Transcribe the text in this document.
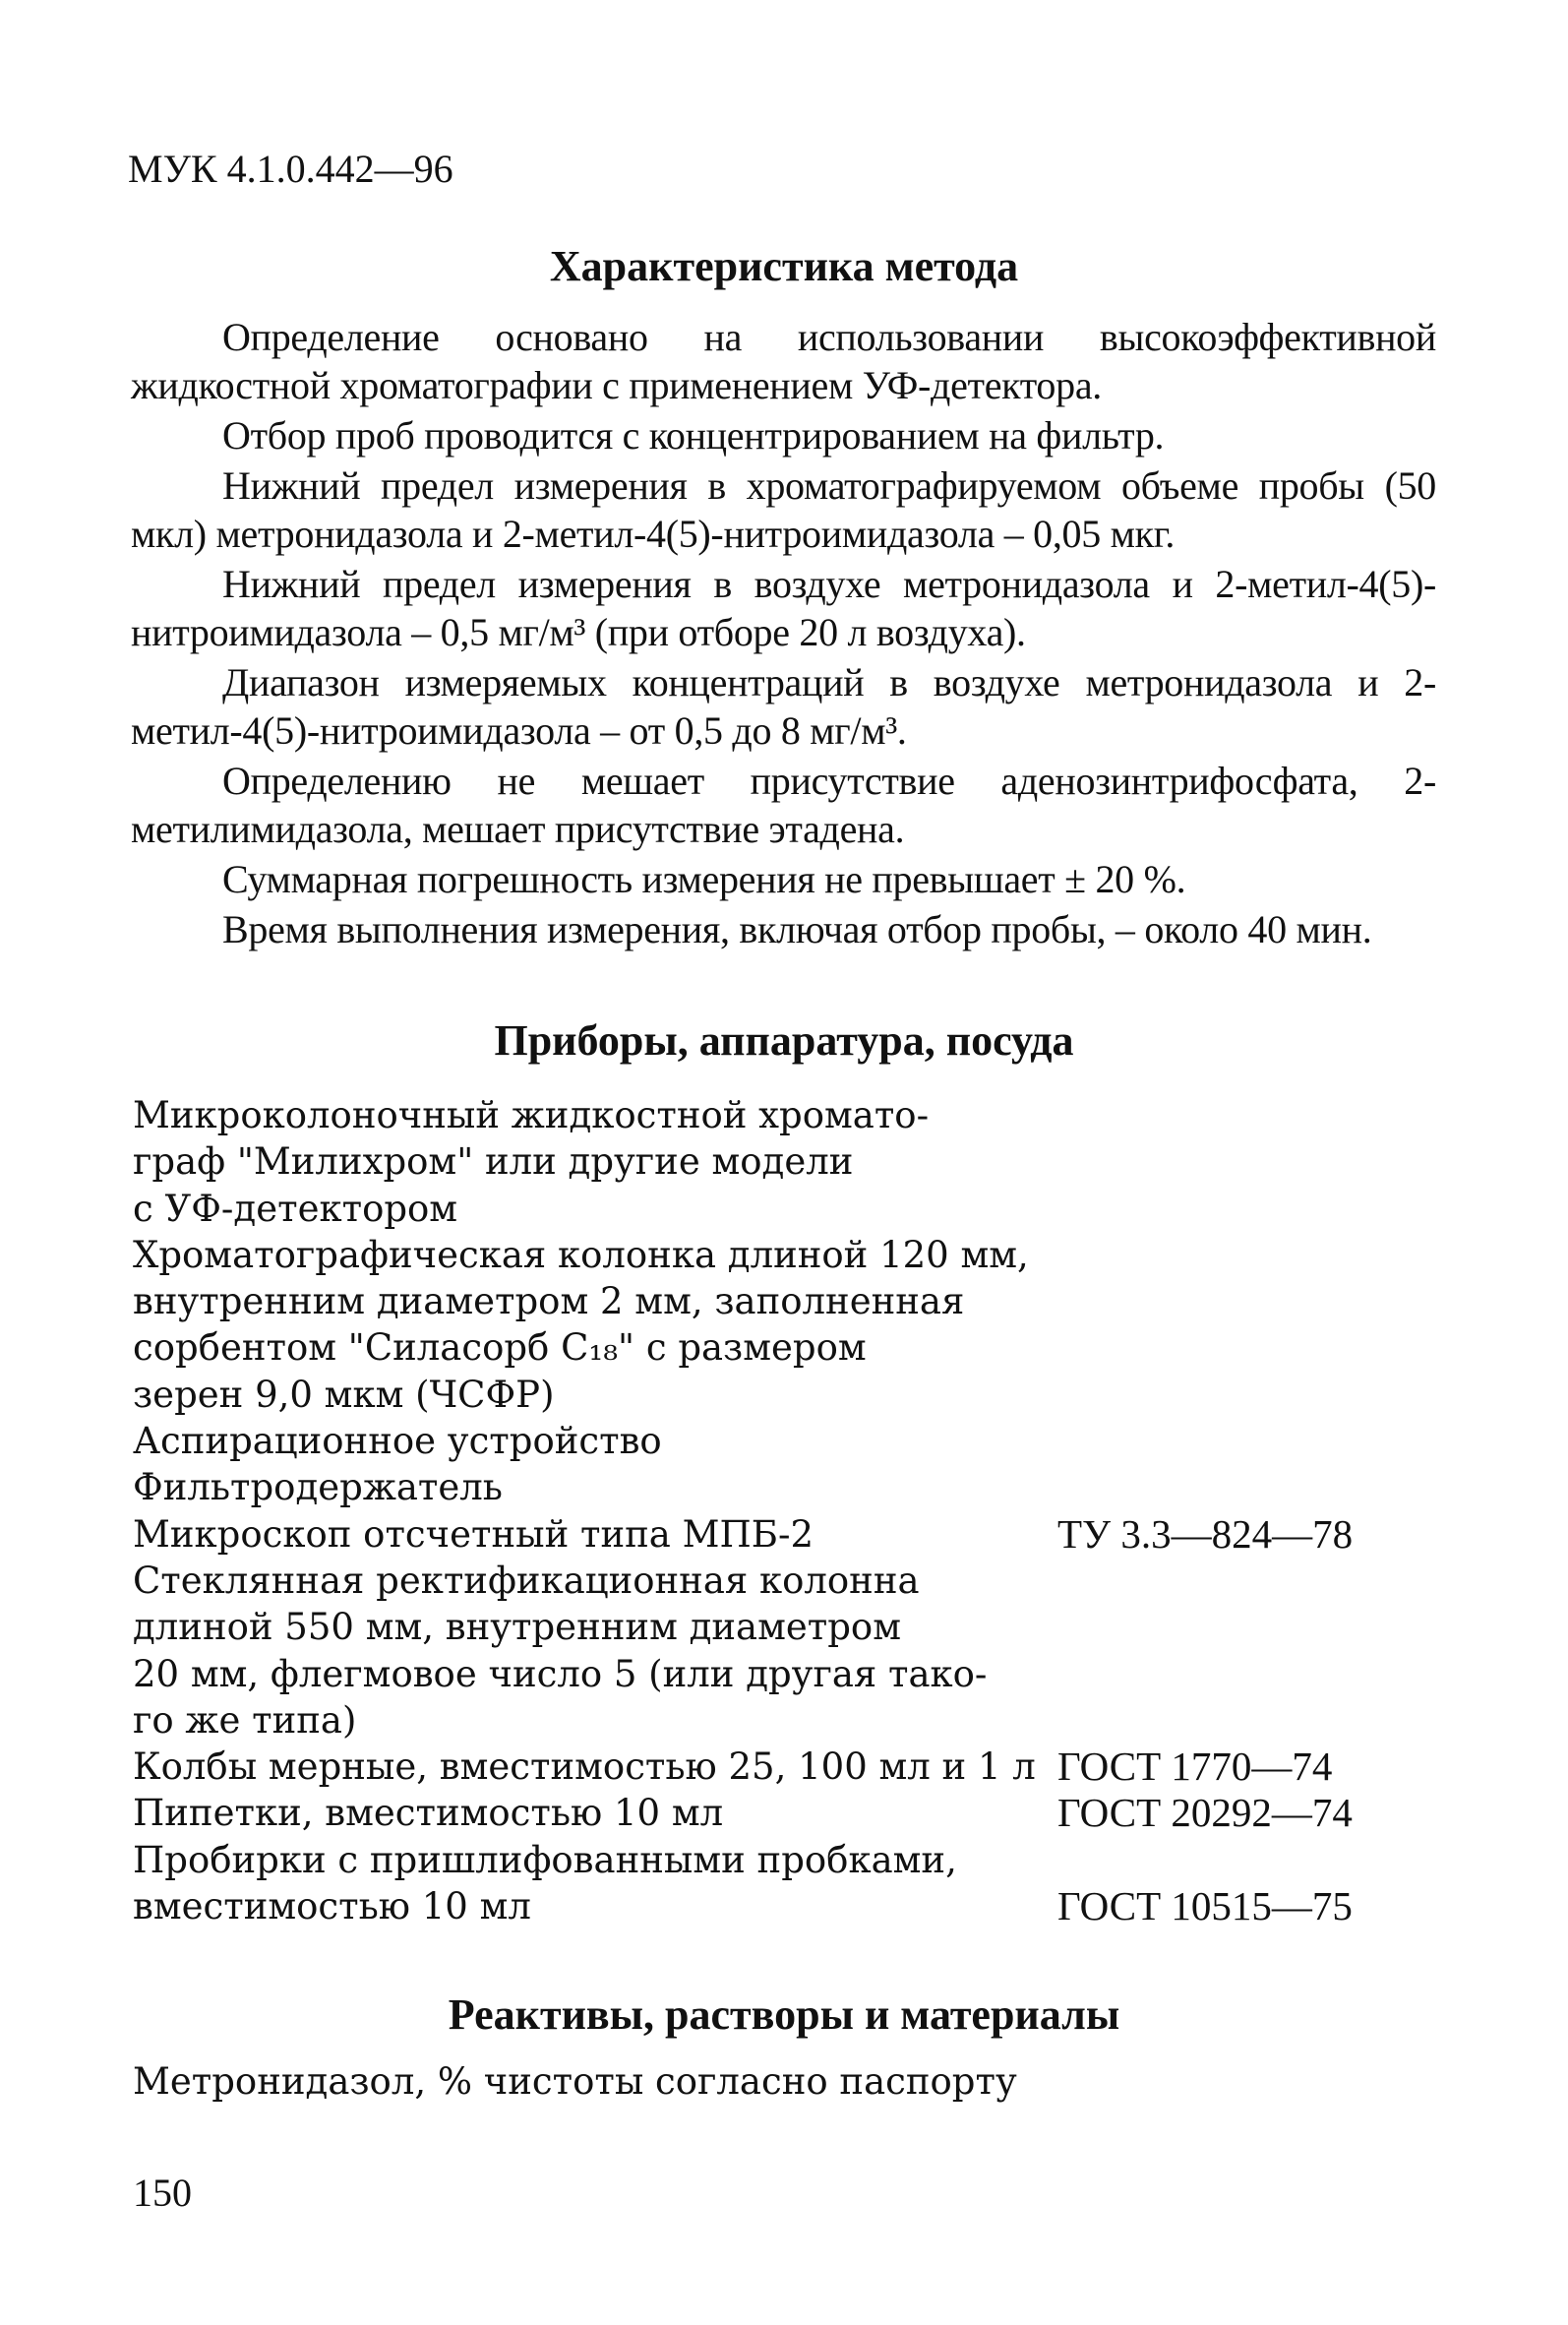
МУК 4.1.0.442—96
Характеристика метода

Определение основано на использовании высокоэффективной жидкостной хроматографии с применением УФ-детектора.

Отбор проб проводится с концентрированием на фильтр.

Нижний предел измерения в хроматографируемом объеме пробы (50 мкл) метронидазола и 2-метил-4(5)-нитроимидазола – 0,05 мкг.

Нижний предел измерения в воздухе метронидазола и 2-метил-4(5)-нитроимидазола – 0,5 мг/м³ (при отборе 20 л воздуха).

Диапазон измеряемых концентраций в воздухе метронидазола и 2-метил-4(5)-нитроимидазола – от 0,5 до 8 мг/м³.

Определению не мешает присутствие аденозинтрифосфата, 2-метилимидазола, мешает присутствие этадена.

Суммарная погрешность измерения не превышает ± 20 %.

Время выполнения измерения, включая отбор пробы, – около 40 мин.

Приборы, аппаратура, посуда
Микроколоночный жидкостной хромато-
граф "Милихром" или другие модели
с УФ-детектором
Хроматографическая колонка длиной 120 мм,
внутренним диаметром 2 мм, заполненная
сорбентом "Силасорб C₁₈" с размером
зерен 9,0 мкм (ЧСФР)
Аспирационное устройство
Фильтродержатель
Микроскоп отсчетный типа МПБ-2	ТУ 3.3—824—78
Стеклянная ректификационная колонна
длиной 550 мм, внутренним диаметром
20 мм, флегмовое число 5 (или другая тако-
го же типа)
Колбы мерные, вместимостью 25, 100 мл и 1 л ГОСТ 1770—74
Пипетки, вместимостью 10 мл	ГОСТ 20292—74
Пробирки с пришлифованными пробками,
вместимостью 10 мл	ГОСТ 10515—75
Реактивы, растворы и материалы
Метронидазол, % чистоты согласно паспорту
150
